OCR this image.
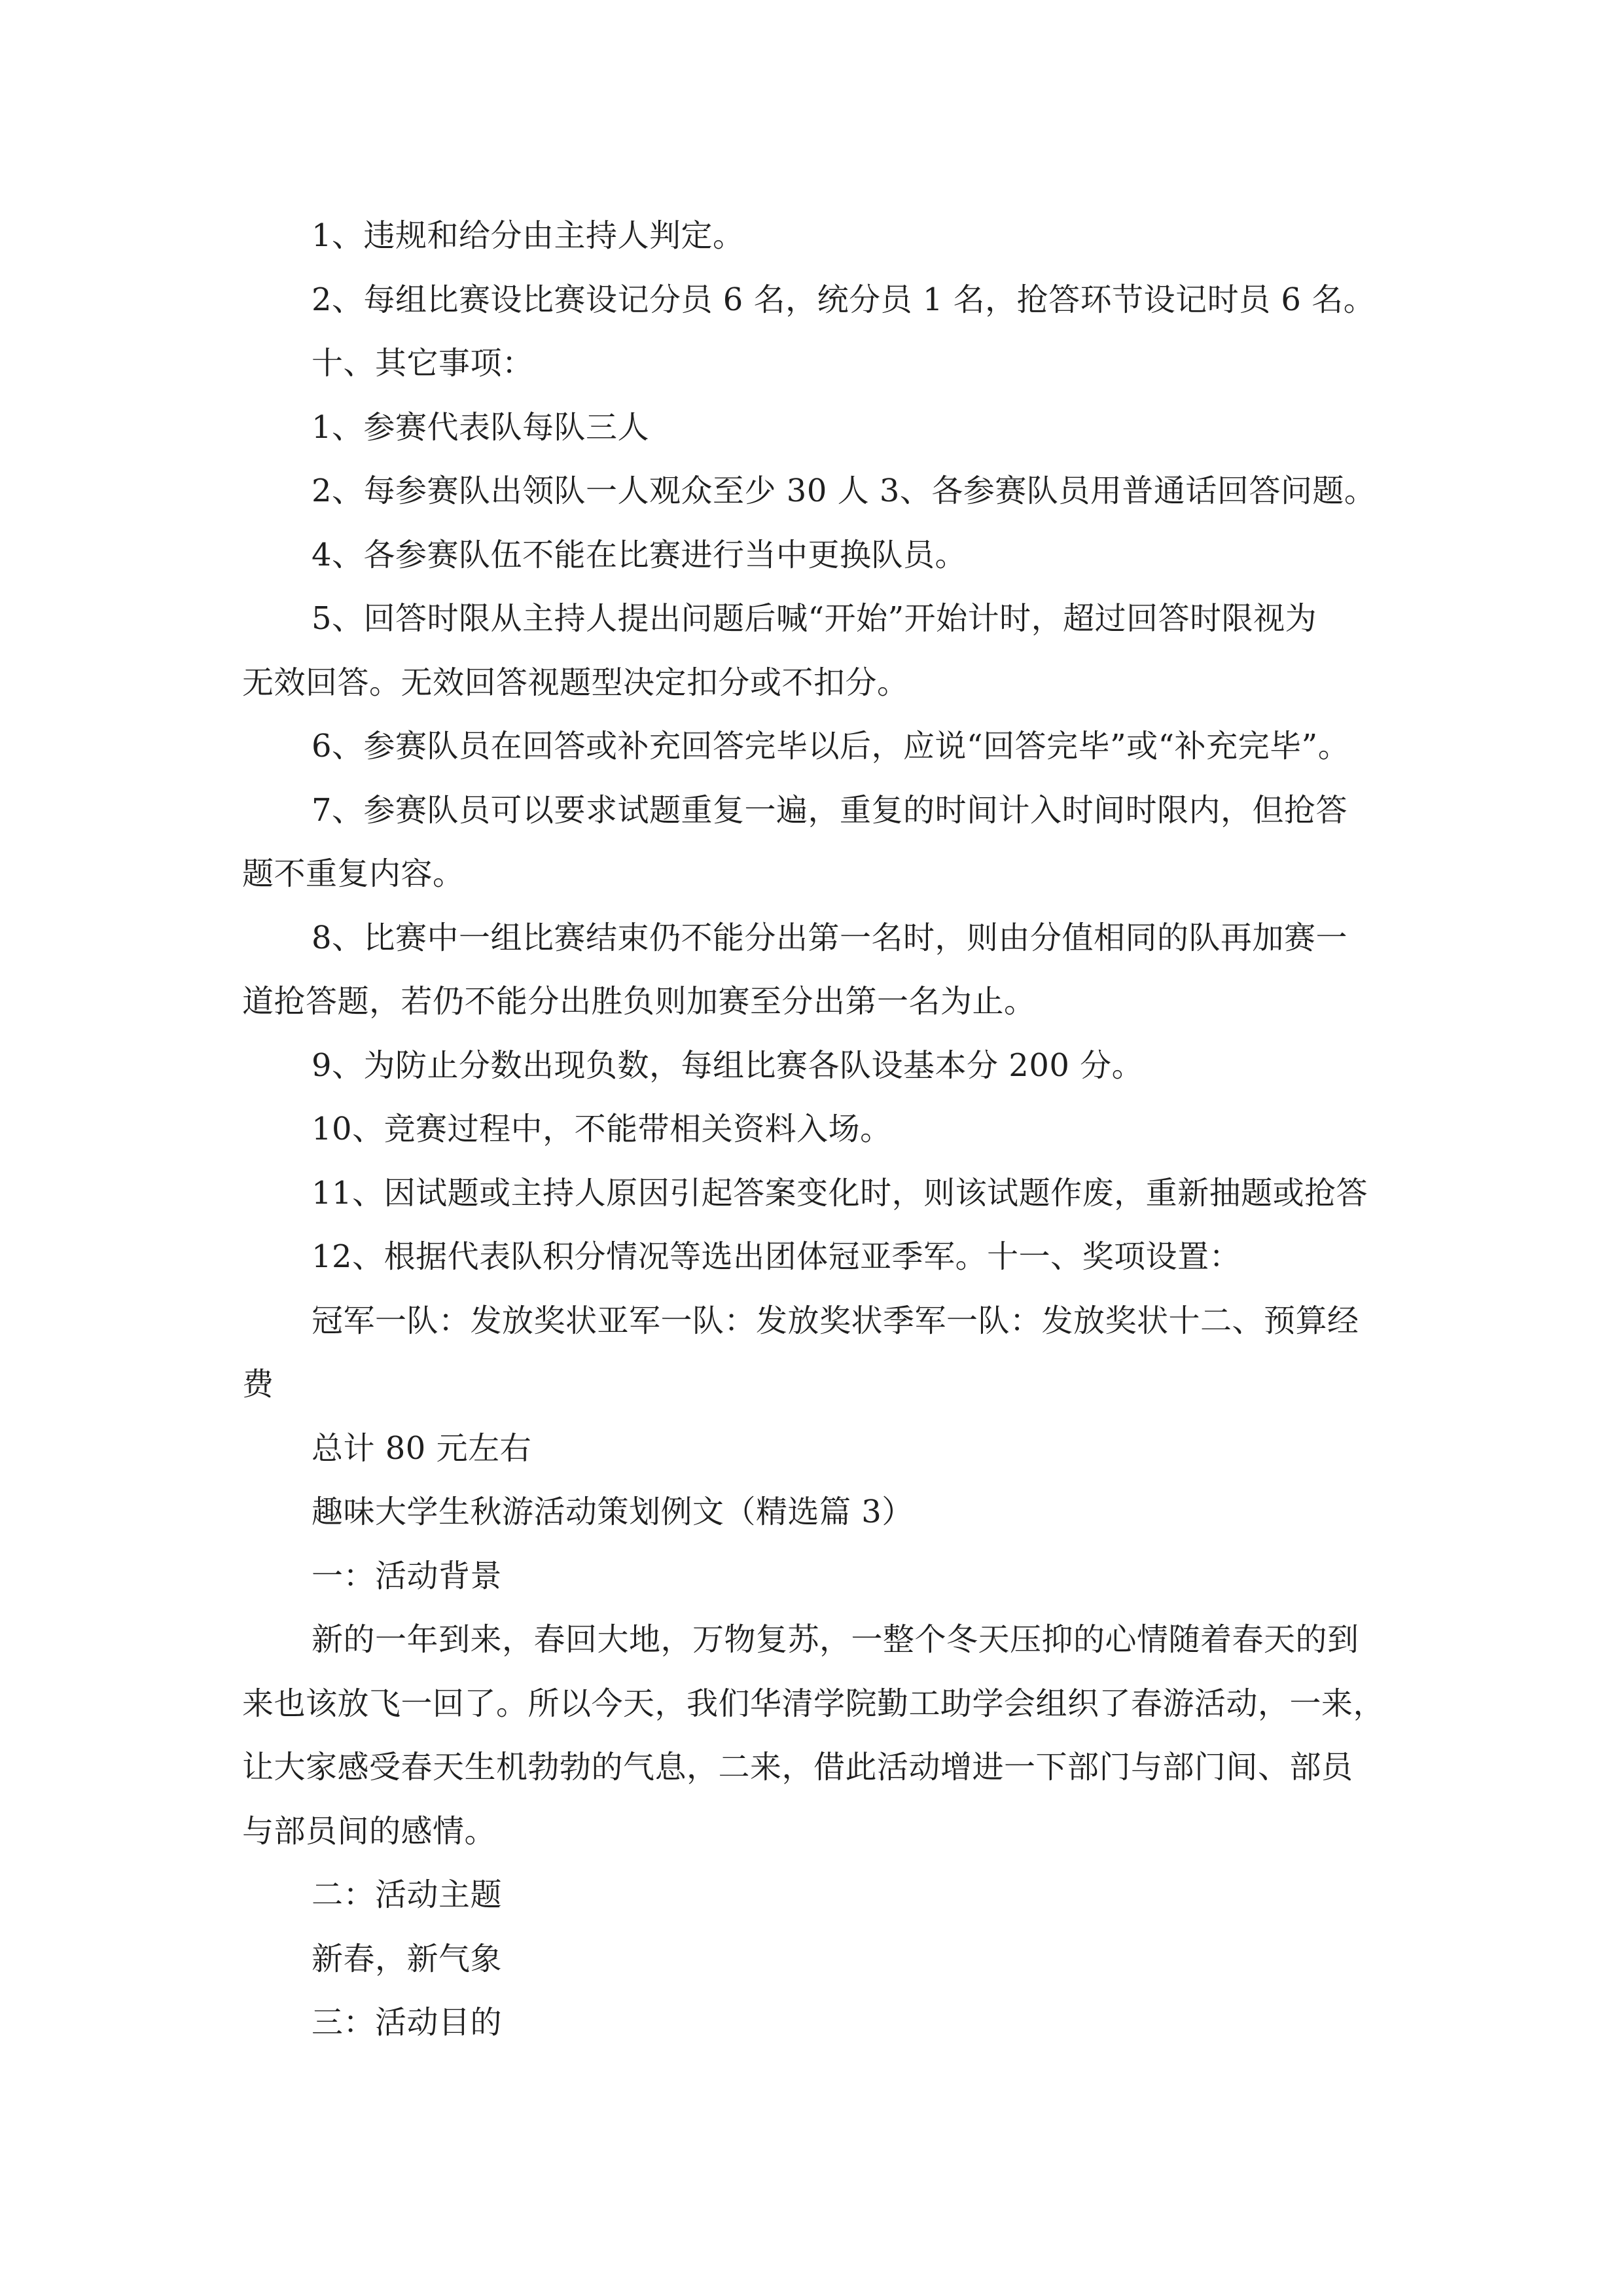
1、违规和给分由主持人判定。

2、每组比赛设比赛设记分员 6 名，统分员 1 名，抢答环节设记时员 6 名。

十、其它事项：

1、参赛代表队每队三人

2、每参赛队出领队一人观众至少 30 人 3、各参赛队员用普通话回答问题。

4、各参赛队伍不能在比赛进行当中更换队员。

5、回答时限从主持人提出问题后喊“开始”开始计时，超过回答时限视为

无效回答。无效回答视题型决定扣分或不扣分。

6、参赛队员在回答或补充回答完毕以后，应说“回答完毕”或“补充完毕”。

7、参赛队员可以要求试题重复一遍，重复的时间计入时间时限内，但抢答

题不重复内容。

8、比赛中一组比赛结束仍不能分出第一名时，则由分值相同的队再加赛一

道抢答题，若仍不能分出胜负则加赛至分出第一名为止。

9、为防止分数出现负数，每组比赛各队设基本分 200 分。

10、竞赛过程中，不能带相关资料入场。

11、因试题或主持人原因引起答案变化时，则该试题作废，重新抽题或抢答

12、根据代表队积分情况等选出团体冠亚季军。十一、奖项设置：

冠军一队：发放奖状亚军一队：发放奖状季军一队：发放奖状十二、预算经

费

总计 80 元左右

趣味大学生秋游活动策划例文（精选篇 3）

一：活动背景

新的一年到来，春回大地，万物复苏，一整个冬天压抑的心情随着春天的到

来也该放飞一回了。所以今天，我们华清学院勤工助学会组织了春游活动，一来，

让大家感受春天生机勃勃的气息，二来，借此活动增进一下部门与部门间、部员

与部员间的感情。

二：活动主题

新春，新气象

三：活动目的
